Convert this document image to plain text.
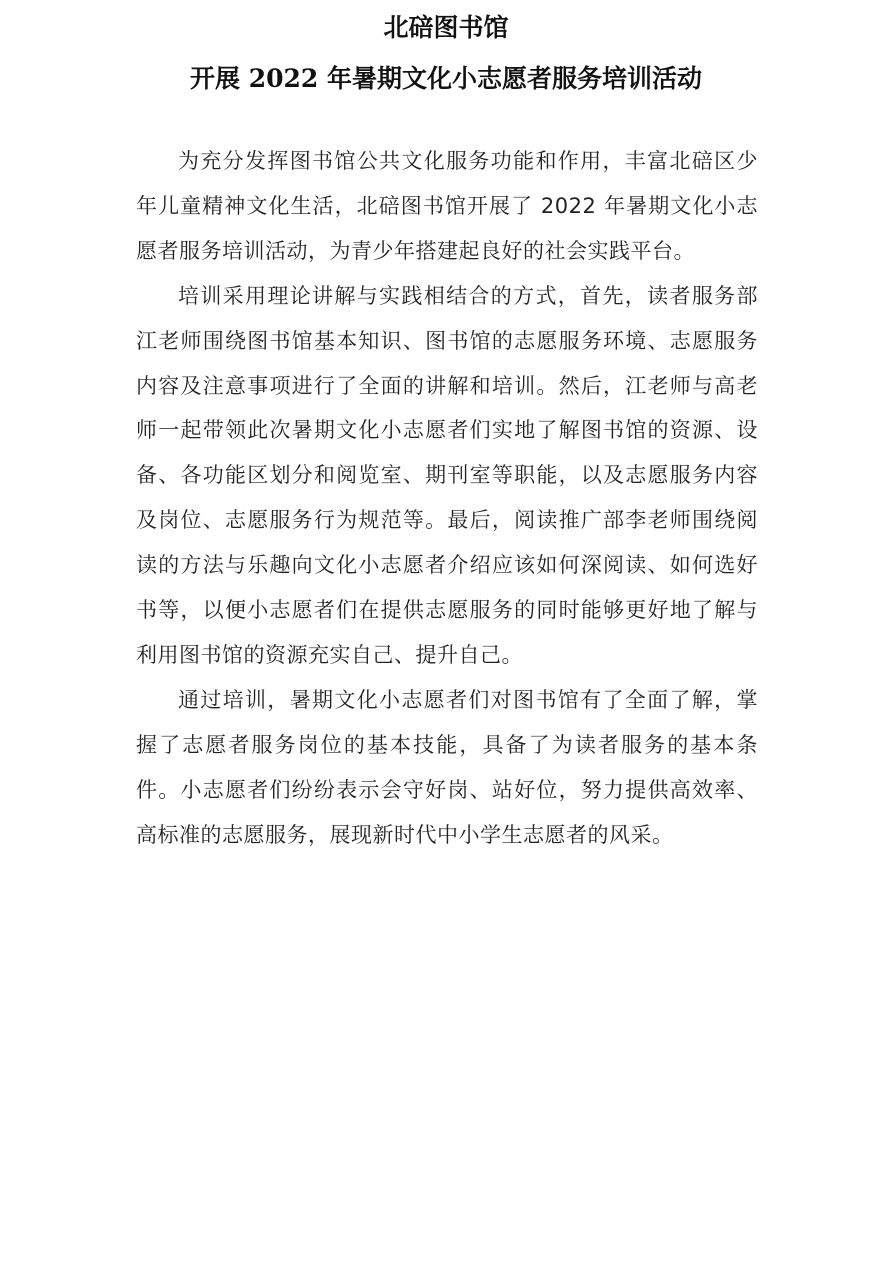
北碚图书馆
开展 2022 年暑期文化小志愿者服务培训活动

为充分发挥图书馆公共文化服务功能和作用，丰富北碚区少年儿童精神文化生活，北碚图书馆开展了 2022 年暑期文化小志愿者服务培训活动，为青少年搭建起良好的社会实践平台。

培训采用理论讲解与实践相结合的方式，首先，读者服务部江老师围绕图书馆基本知识、图书馆的志愿服务环境、志愿服务内容及注意事项进行了全面的讲解和培训。然后，江老师与高老师一起带领此次暑期文化小志愿者们实地了解图书馆的资源、设备、各功能区划分和阅览室、期刊室等职能，以及志愿服务内容及岗位、志愿服务行为规范等。最后，阅读推广部李老师围绕阅读的方法与乐趣向文化小志愿者介绍应该如何深阅读、如何选好书等，以便小志愿者们在提供志愿服务的同时能够更好地了解与利用图书馆的资源充实自己、提升自己。

通过培训，暑期文化小志愿者们对图书馆有了全面了解，掌握了志愿者服务岗位的基本技能，具备了为读者服务的基本条件。小志愿者们纷纷表示会守好岗、站好位，努力提供高效率、高标准的志愿服务，展现新时代中小学生志愿者的风采。
